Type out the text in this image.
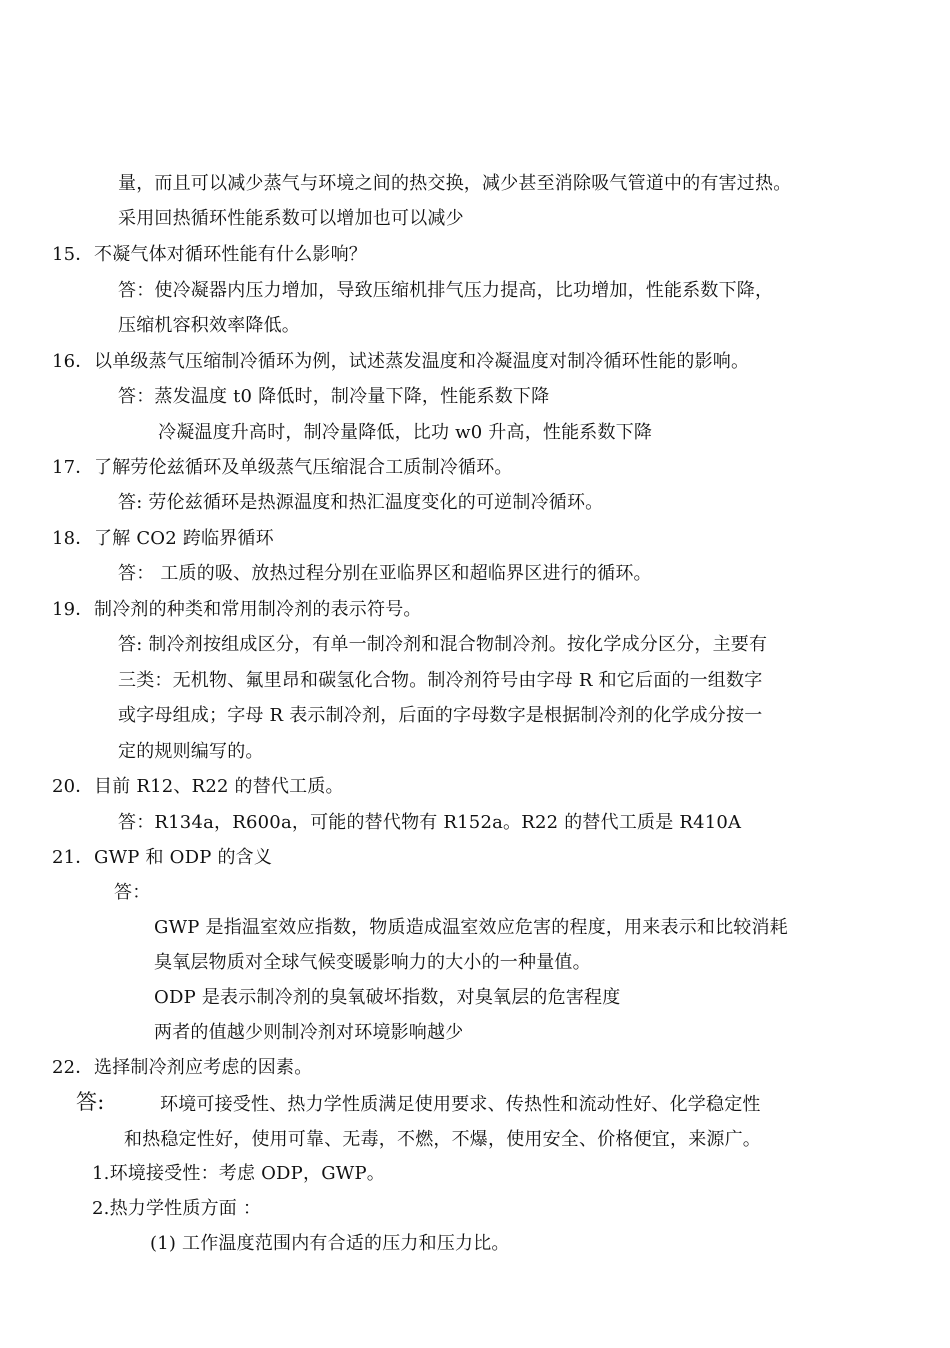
量，而且可以减少蒸气与环境之间的热交换，减少甚至消除吸气管道中的有害过热。
采用回热循环性能系数可以增加也可以减少
15．不凝气体对循环性能有什么影响？
答：使冷凝器内压力增加，导致压缩机排气压力提高，比功增加，性能系数下降，
压缩机容积效率降低。
16．以单级蒸气压缩制冷循环为例，试述蒸发温度和冷凝温度对制冷循环性能的影响。
答：蒸发温度 t0 降低时，制冷量下降，性能系数下降
冷凝温度升高时，制冷量降低，比功 w0 升高，性能系数下降
17．了解劳伦兹循环及单级蒸气压缩混合工质制冷循环。
答: 劳伦兹循环是热源温度和热汇温度变化的可逆制冷循环。
18．了解 CO2 跨临界循环
答： 工质的吸、放热过程分别在亚临界区和超临界区进行的循环。
19．制冷剂的种类和常用制冷剂的表示符号。
答: 制冷剂按组成区分，有单一制冷剂和混合物制冷剂。按化学成分区分，主要有
三类：无机物、氟里昂和碳氢化合物。制冷剂符号由字母 R 和它后面的一组数字
或字母组成；字母 R 表示制冷剂，后面的字母数字是根据制冷剂的化学成分按一
定的规则编写的。
20．目前 R12、R22 的替代工质。
答：R134a，R600a，可能的替代物有 R152a。R22 的替代工质是 R410A
21．GWP 和 ODP 的含义
答：
GWP 是指温室效应指数，物质造成温室效应危害的程度，用来表示和比较消耗
臭氧层物质对全球气候变暖影响力的大小的一种量值。
ODP 是表示制冷剂的臭氧破坏指数，对臭氧层的危害程度
两者的值越少则制冷剂对环境影响越少
22．选择制冷剂应考虑的因素。
答:	环境可接受性、热力学性质满足使用要求、传热性和流动性好、化学稳定性
和热稳定性好，使用可靠、无毒，不燃，不爆，使用安全、价格便宜，来源广。
1.环境接受性：考虑 ODP，GWP。
2.热力学性质方面 ：
(1) 工作温度范围内有合适的压力和压力比。
